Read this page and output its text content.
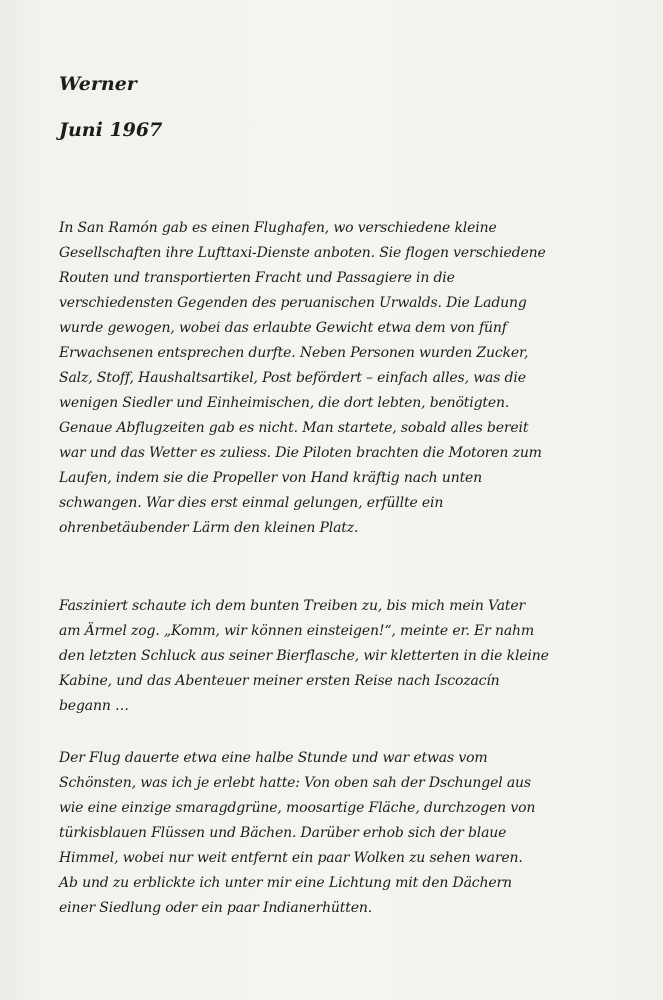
Werner
Juni 1967
In San Ramón gab es einen Flughafen, wo verschiedene kleine
Gesellschaften ihre Lufttaxi-Dienste anboten. Sie flogen verschiedene
Routen und transportierten Fracht und Passagiere in die
verschiedensten Gegenden des peruanischen Urwalds. Die Ladung
wurde gewogen, wobei das erlaubte Gewicht etwa dem von fünf
Erwachsenen entsprechen durfte. Neben Personen wurden Zucker,
Salz, Stoff, Haushaltsartikel, Post befördert – einfach alles, was die
wenigen Siedler und Einheimischen, die dort lebten, benötigten.
Genaue Abflugzeiten gab es nicht. Man startete, sobald alles bereit
war und das Wetter es zuliess. Die Piloten brachten die Motoren zum
Laufen, indem sie die Propeller von Hand kräftig nach unten
schwangen. War dies erst einmal gelungen, erfüllte ein
ohrenbetäubender Lärm den kleinen Platz.
Fasziniert schaute ich dem bunten Treiben zu, bis mich mein Vater
am Ärmel zog. „Komm, wir können einsteigen!“, meinte er. Er nahm
den letzten Schluck aus seiner Bierflasche, wir kletterten in die kleine
Kabine, und das Abenteuer meiner ersten Reise nach Iscozacín
begann …
Der Flug dauerte etwa eine halbe Stunde und war etwas vom
Schönsten, was ich je erlebt hatte: Von oben sah der Dschungel aus
wie eine einzige smaragdgrüne, moosartige Fläche, durchzogen von
türkisblauen Flüssen und Bächen. Darüber erhob sich der blaue
Himmel, wobei nur weit entfernt ein paar Wolken zu sehen waren.
Ab und zu erblickte ich unter mir eine Lichtung mit den Dächern
einer Siedlung oder ein paar Indianerhütten.
